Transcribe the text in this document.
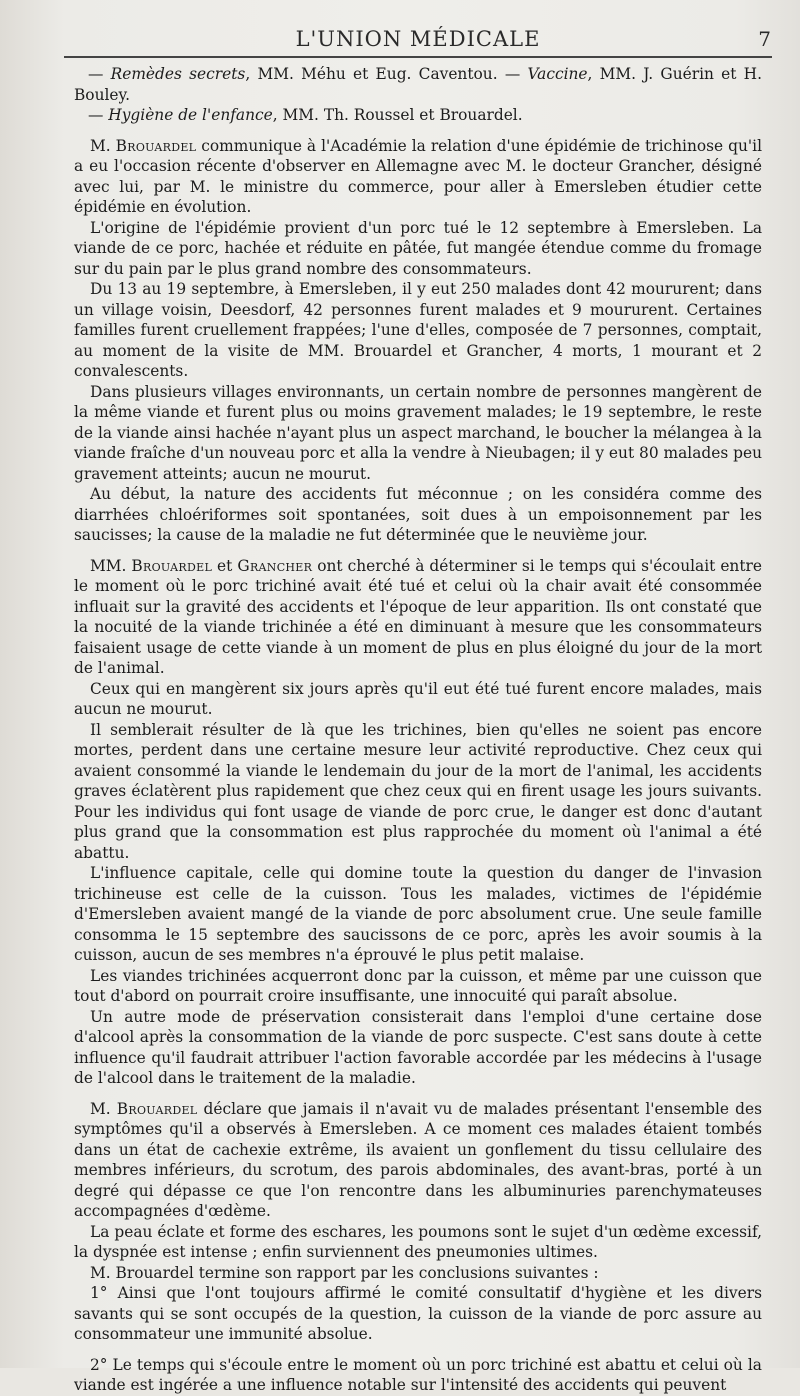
L'UNION MÉDICALE	7

— Remèdes secrets, MM. Méhu et Eug. Caventou. — Vaccine, MM. J. Guérin et H. Bouley.

— Hygiène de l'enfance, MM. Th. Roussel et Brouardel.

M. Brouardel communique à l'Académie la relation d'une épidémie de trichinose qu'il a eu l'occasion récente d'observer en Allemagne avec M. le docteur Grancher, désigné avec lui, par M. le ministre du commerce, pour aller à Emersleben étudier cette épidémie en évolution.

L'origine de l'épidémie provient d'un porc tué le 12 septembre à Emersleben. La viande de ce porc, hachée et réduite en pâtée, fut mangée étendue comme du fromage sur du pain par le plus grand nombre des consommateurs.

Du 13 au 19 septembre, à Emersleben, il y eut 250 malades dont 42 moururent; dans un village voisin, Deesdorf, 42 personnes furent malades et 9 moururent. Certaines familles furent cruellement frappées; l'une d'elles, composée de 7 personnes, comptait, au moment de la visite de MM. Brouardel et Grancher, 4 morts, 1 mourant et 2 convalescents.

Dans plusieurs villages environnants, un certain nombre de personnes mangèrent de la même viande et furent plus ou moins gravement malades; le 19 septembre, le reste de la viande ainsi hachée n'ayant plus un aspect marchand, le boucher la mélangea à la viande fraîche d'un nouveau porc et alla la vendre à Nieubagen; il y eut 80 malades peu gravement atteints; aucun ne mourut.

Au début, la nature des accidents fut méconnue ; on les considéra comme des diarrhées chloériformes soit spontanées, soit dues à un empoisonnement par les saucisses; la cause de la maladie ne fut déterminée que le neuvième jour.

MM. Brouardel et Grancher ont cherché à déterminer si le temps qui s'écoulait entre le moment où le porc trichiné avait été tué et celui où la chair avait été consommée influait sur la gravité des accidents et l'époque de leur apparition. Ils ont constaté que la nocuité de la viande trichinée a été en diminuant à mesure que les consommateurs faisaient usage de cette viande à un moment de plus en plus éloigné du jour de la mort de l'animal.

Ceux qui en mangèrent six jours après qu'il eut été tué furent encore malades, mais aucun ne mourut.

Il semblerait résulter de là que les trichines, bien qu'elles ne soient pas encore mortes, perdent dans une certaine mesure leur activité reproductive. Chez ceux qui avaient consommé la viande le lendemain du jour de la mort de l'animal, les accidents graves éclatèrent plus rapidement que chez ceux qui en firent usage les jours suivants. Pour les individus qui font usage de viande de porc crue, le danger est donc d'autant plus grand que la consommation est plus rapprochée du moment où l'animal a été abattu.

L'influence capitale, celle qui domine toute la question du danger de l'invasion trichineuse est celle de la cuisson. Tous les malades, victimes de l'épidémie d'Emersleben avaient mangé de la viande de porc absolument crue. Une seule famille consomma le 15 septembre des saucissons de ce porc, après les avoir soumis à la cuisson, aucun de ses membres n'a éprouvé le plus petit malaise.

Les viandes trichinées acquerront donc par la cuisson, et même par une cuisson que tout d'abord on pourrait croire insuffisante, une innocuité qui paraît absolue.

Un autre mode de préservation consisterait dans l'emploi d'une certaine dose d'alcool après la consommation de la viande de porc suspecte. C'est sans doute à cette influence qu'il faudrait attribuer l'action favorable accordée par les médecins à l'usage de l'alcool dans le traitement de la maladie.

M. Brouardel déclare que jamais il n'avait vu de malades présentant l'ensemble des symptômes qu'il a observés à Emersleben. A ce moment ces malades étaient tombés dans un état de cachexie extrême, ils avaient un gonflement du tissu cellulaire des membres inférieurs, du scrotum, des parois abdominales, des avant-bras, porté à un degré qui dépasse ce que l'on rencontre dans les albuminuries parenchymateuses accompagnées d'œdème.

La peau éclate et forme des eschares, les poumons sont le sujet d'un œdème excessif, la dyspnée est intense ; enfin surviennent des pneumonies ultimes.

M. Brouardel termine son rapport par les conclusions suivantes :

1° Ainsi que l'ont toujours affirmé le comité consultatif d'hygiène et les divers savants qui se sont occupés de la question, la cuisson de la viande de porc assure au consommateur une immunité absolue.

2° Le temps qui s'écoule entre le moment où un porc trichiné est abattu et celui où la viande est ingérée a une influence notable sur l'intensité des accidents qui peuvent
